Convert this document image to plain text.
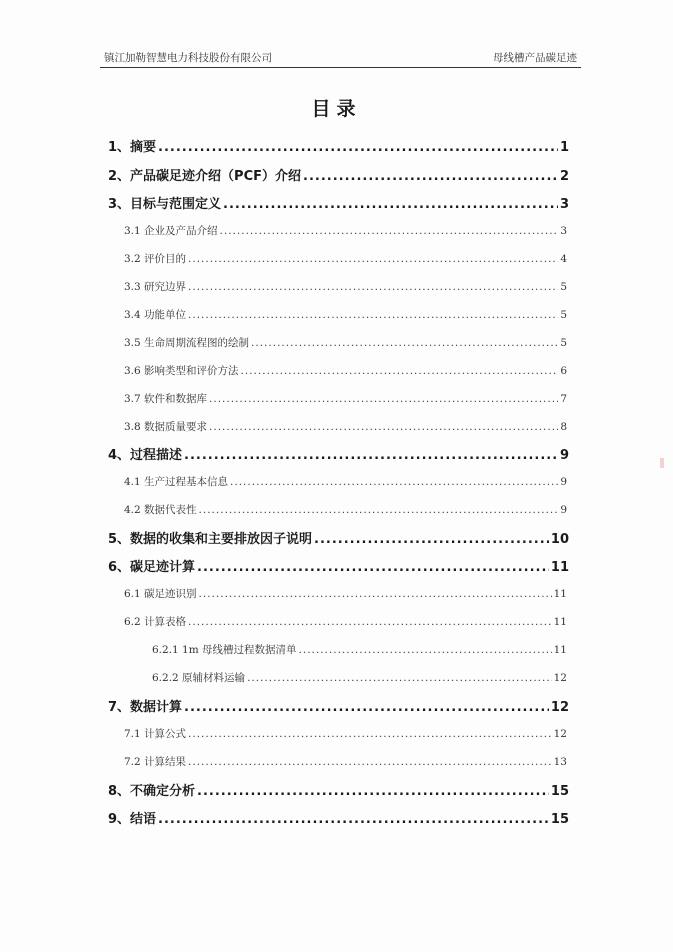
镇江加勒智慧电力科技股份有限公司	母线槽产品碳足迹
目录
1、摘要 .....	1
2、产品碳足迹介绍（PCF）介绍 .....	2
3、目标与范围定义 .....	3
3.1 企业及产品介绍 .....	3
3.2 评价目的 .....	4
3.3 研究边界 .....	5
3.4 功能单位 .....	5
3.5 生命周期流程图的绘制 .....	5
3.6 影响类型和评价方法 .....	6
3.7 软件和数据库 .....	7
3.8 数据质量要求 .....	8
4、过程描述 .....	9
4.1 生产过程基本信息 .....	9
4.2 数据代表性 .....	9
5、数据的收集和主要排放因子说明 .....	10
6、碳足迹计算 .....	11
6.1 碳足迹识别 .....	11
6.2 计算表格 .....	11
6.2.1 1m 母线槽过程数据清单 .....	11
6.2.2 原辅材料运输 .....	12
7、数据计算 .....	12
7.1 计算公式 .....	12
7.2 计算结果 .....	13
8、不确定分析 .....	15
9、结语 .....	15
